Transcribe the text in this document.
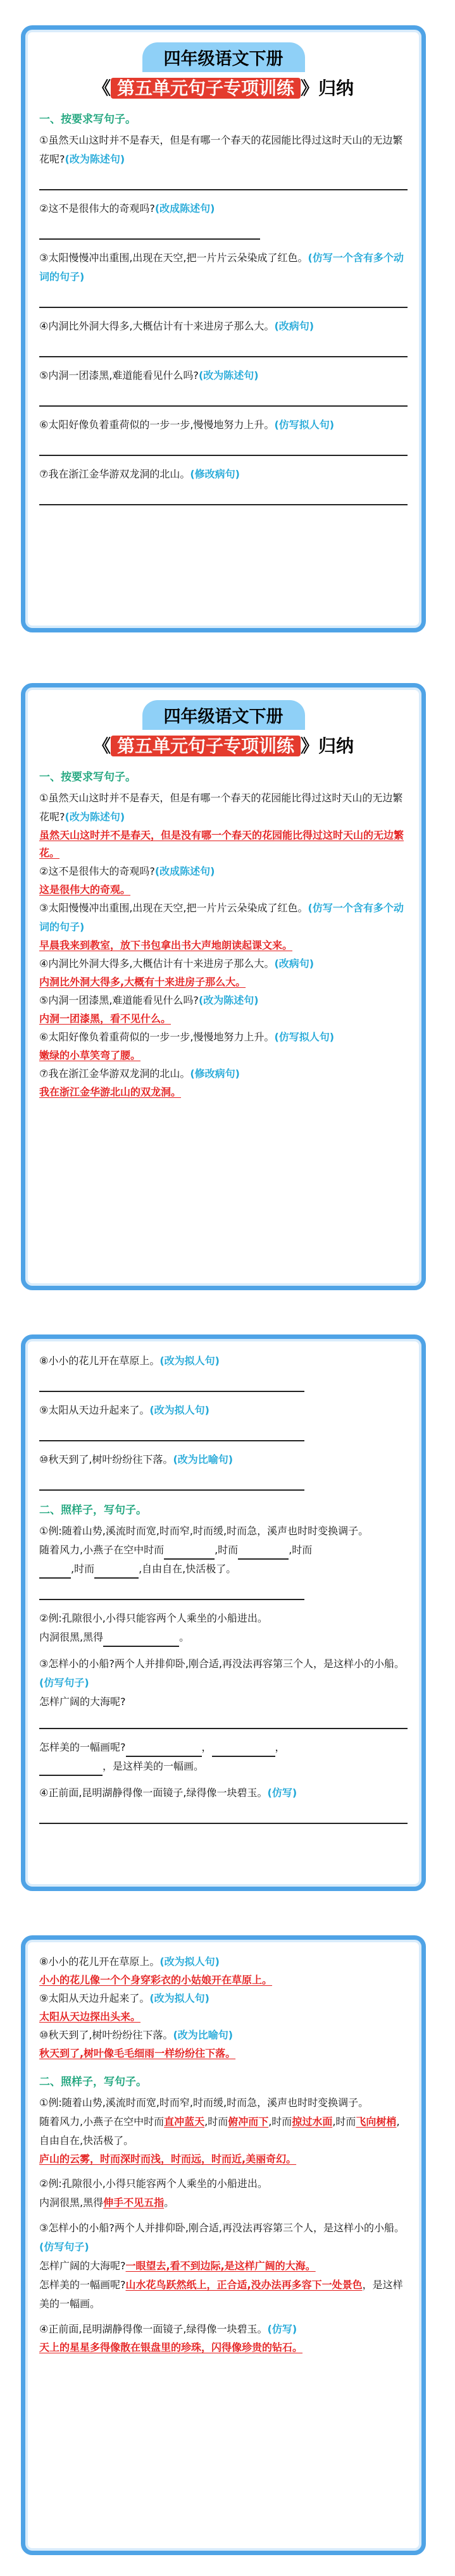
四年级语文下册
《 第五单元句子专项训练 》归纳
一、按要求写句子。

①虽然天山这时并不是春天，但是有哪一个春天的花园能比得过这时天山的无边繁花呢?(改为陈述句)

②这不是很伟大的奇观吗?(改成陈述句)

③太阳慢慢冲出重围,出现在天空,把一片片云朵染成了红色。(仿写一个含有多个动词的句子)

④内洞比外洞大得多,大概估计有十来进房子那么大。(改病句)

⑤内洞一团漆黑,难道能看见什么吗?(改为陈述句)

⑥太阳好像负着重荷似的一步一步,慢慢地努力上升。(仿写拟人句)

⑦我在浙江金华游双龙洞的北山。(修改病句)

四年级语文下册
《 第五单元句子专项训练 》归纳
一、按要求写句子。

①虽然天山这时并不是春天，但是有哪一个春天的花园能比得过这时天山的无边繁花呢?(改为陈述句)

虽然天山这时并不是春天，但是没有哪一个春天的花园能比得过这时天山的无边繁花。

②这不是很伟大的奇观吗?(改成陈述句)

这是很伟大的奇观。

③太阳慢慢冲出重围,出现在天空,把一片片云朵染成了红色。(仿写一个含有多个动词的句子)

早晨我来到教室，放下书包拿出书大声地朗读起课文来。

④内洞比外洞大得多,大概估计有十来进房子那么大。(改病句)

内洞比外洞大得多,大概有十来进房子那么大。

⑤内洞一团漆黑,难道能看见什么吗?(改为陈述句)

内洞一团漆黑，看不见什么。

⑥太阳好像负着重荷似的一步一步,慢慢地努力上升。(仿写拟人句)

嫩绿的小草笑弯了腰。

⑦我在浙江金华游双龙洞的北山。(修改病句)

我在浙江金华游北山的双龙洞。

⑧小小的花儿开在草原上。(改为拟人句)

⑨太阳从天边升起来了。(改为拟人句)

⑩秋天到了,树叶纷纷往下落。(改为比喻句)

二、照样子，写句子。

①例:随着山势,溪流时而宽,时而窄,时而缓,时而急，溪声也时时变换调子。

随着风力,小燕子在空中时而	,时而	,时而

,时而	,自由自在,快活极了。

②例:孔隙很小,小得只能容两个人乘坐的小船进出。

内洞很黑,黑得	。

③怎样小的小船?两个人并排仰卧,刚合适,再没法再容第三个人，是这样小的小船。(仿写句子)

怎样广阔的大海呢?

怎样美的一幅画呢?	，	，

，是这样美的一幅画。

④正前面,昆明湖静得像一面镜子,绿得像一块碧玉。(仿写)

⑧小小的花儿开在草原上。(改为拟人句)

小小的花儿像一个个身穿彩衣的小姑娘开在草原上。

⑨太阳从天边升起来了。(改为拟人句)

太阳从天边探出头来。

⑩秋天到了,树叶纷纷往下落。(改为比喻句)

秋天到了,树叶像毛毛细雨一样纷纷往下落。
二、照样子，写句子。

①例:随着山势,溪流时而宽,时而窄,时而缓,时而急，溪声也时时变换调子。

随着风力,小燕子在空中时而直冲蓝天,时而俯冲而下,时而掠过水面,时而飞向树梢,自由自在,快活极了。

庐山的云雾，时而深时而浅，时而远，时而近,美丽奇幻。

②例:孔隙很小,小得只能容两个人乘坐的小船进出。

内洞很黑,黑得伸手不见五指。

③怎样小的小船?两个人并排仰卧,刚合适,再没法再容第三个人，是这样小的小船。(仿写句子)

怎样广阔的大海呢?一眼望去,看不到边际,是这样广阔的大海。

怎样美的一幅画呢?山水花鸟跃然纸上，正合适,没办法再多容下一处景色，是这样美的一幅画。

④正前面,昆明湖静得像一面镜子,绿得像一块碧玉。(仿写)

天上的星星多得像散在银盘里的珍珠，闪得像珍贵的钻石。
